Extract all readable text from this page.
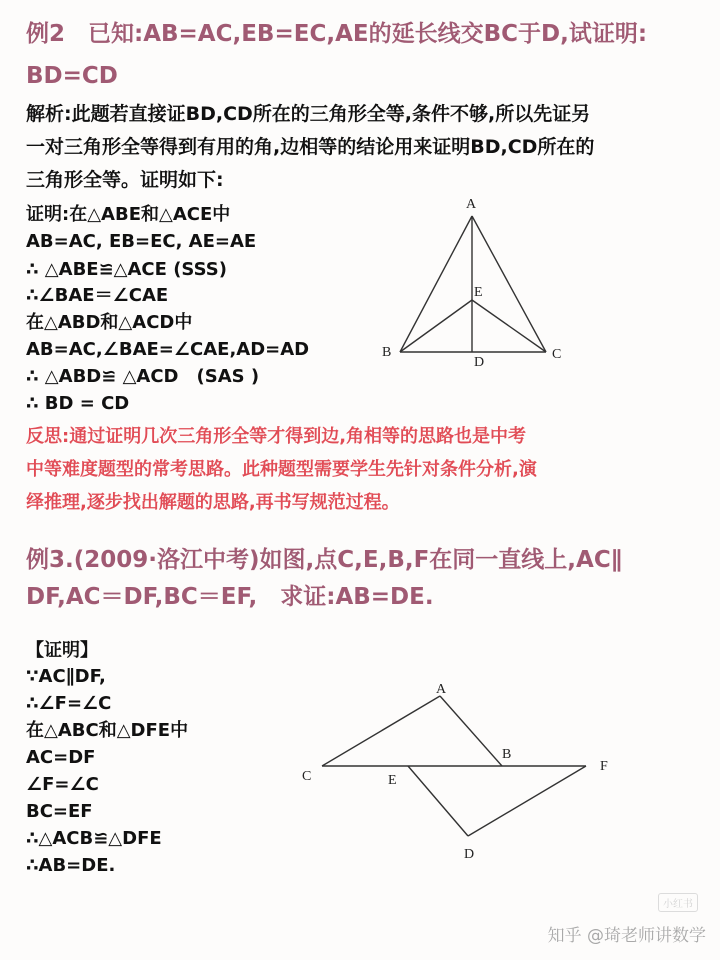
例2　已知:AB=AC,EB=EC,AE的延长线交BC于D,试证明:
BD=CD
解析:此题若直接证BD,CD所在的三角形全等,条件不够,所以先证另
一对三角形全等得到有用的角,边相等的结论用来证明BD,CD所在的
三角形全等。证明如下:
证明:在△ABE和△ACE中
AB=AC, EB=EC, AE=AE
∴ △ABE≌△ACE (SSS)
∴∠BAE＝∠CAE
在△ABD和△ACD中
AB=AC,∠BAE=∠CAE,AD=AD
∴ △ABD≌ △ACD　(SAS )
∴ BD = CD
A
E
B
D
C
反思:通过证明几次三角形全等才得到边,角相等的思路也是中考
中等难度题型的常考思路。此种题型需要学生先针对条件分析,演
绎推理,逐步找出解题的思路,再书写规范过程。
例3.(2009·洛江中考)如图,点C,E,B,F在同一直线上,AC∥
DF,AC＝DF,BC＝EF,　求证:AB=DE.
【证明】
∵AC∥DF,
∴∠F=∠C
在△ABC和△DFE中
AC=DF
∠F=∠C
BC=EF
∴△ACB≌△DFE
∴AB=DE.
A
B
C	E
F
D
小红书
知乎 @琦老师讲数学
